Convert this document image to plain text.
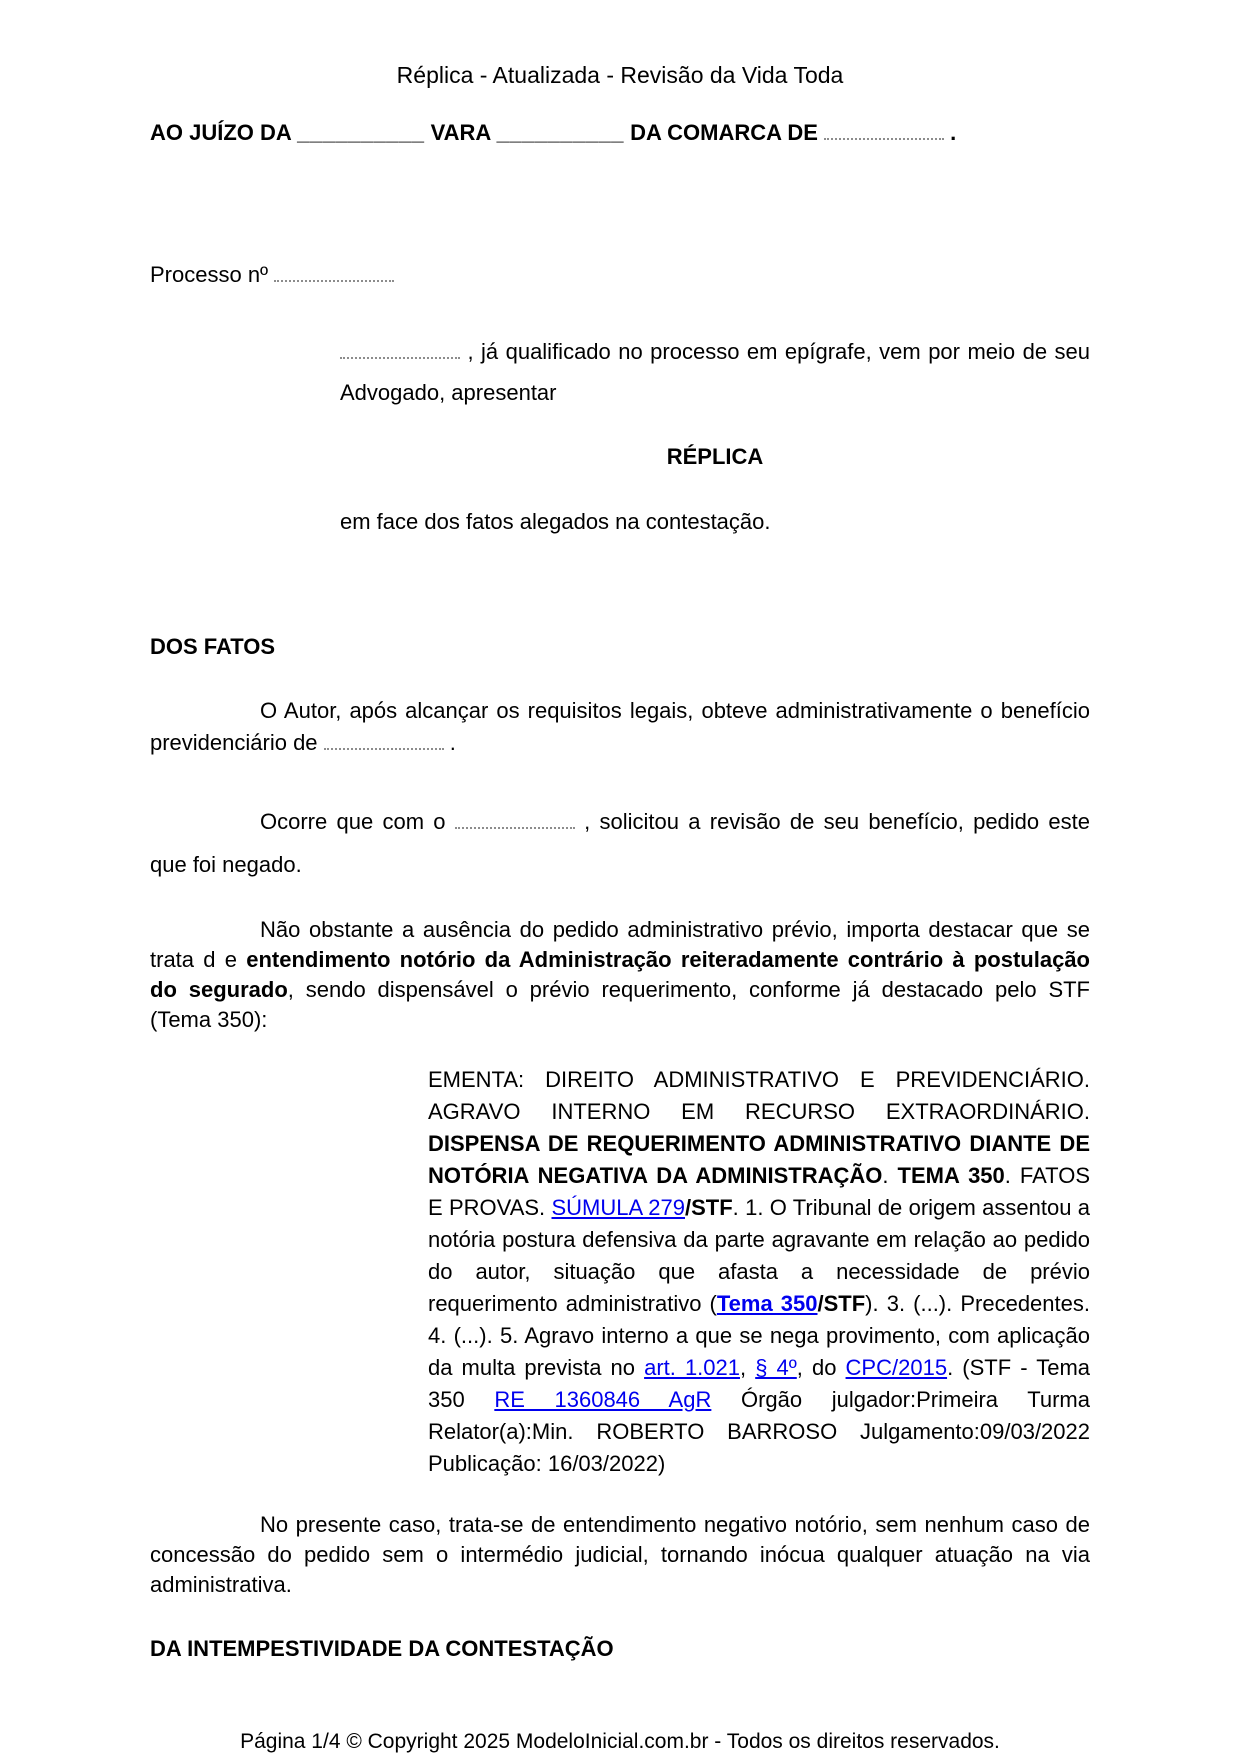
Réplica - Atualizada - Revisão da Vida Toda
AO JUÍZO DA __________ VARA __________ DA COMARCA DE	.
Processo nº
, já qualificado no processo em epígrafe, vem por meio de seu Advogado, apresentar
RÉPLICA
em face dos fatos alegados na contestação.
DOS FATOS
O Autor, após alcançar os requisitos legais, obteve administrativamente o benefício previdenciário de	.
Ocorre que com o	, solicitou a revisão de seu benefício, pedido este que foi negado.
Não obstante a ausência do pedido administrativo prévio, importa destacar que se trata d e entendimento notório da Administração reiteradamente contrário à postulação do segurado, sendo dispensável o prévio requerimento, conforme já destacado pelo STF (Tema 350):
EMENTA: DIREITO ADMINISTRATIVO E PREVIDENCIÁRIO. AGRAVO INTERNO EM RECURSO EXTRAORDINÁRIO. DISPENSA DE REQUERIMENTO ADMINISTRATIVO DIANTE DE NOTÓRIA NEGATIVA DA ADMINISTRAÇÃO. TEMA 350. FATOS E PROVAS. SÚMULA 279/STF. 1. O Tribunal de origem assentou a notória postura defensiva da parte agravante em relação ao pedido do autor, situação que afasta a necessidade de prévio requerimento administrativo (Tema 350/STF). 3. (...). Precedentes. 4. (...). 5. Agravo interno a que se nega provimento, com aplicação da multa prevista no art. 1.021, § 4º, do CPC/2015. (STF - Tema 350 RE 1360846 AgR Órgão julgador:Primeira Turma Relator(a):Min. ROBERTO BARROSO Julgamento:09/03/2022 Publicação: 16/03/2022)
No presente caso, trata-se de entendimento negativo notório, sem nenhum caso de concessão do pedido sem o intermédio judicial, tornando inócua qualquer atuação na via administrativa.
DA INTEMPESTIVIDADE DA CONTESTAÇÃO
Página 1/4 © Copyright 2025 ModeloInicial.com.br - Todos os direitos reservados.
